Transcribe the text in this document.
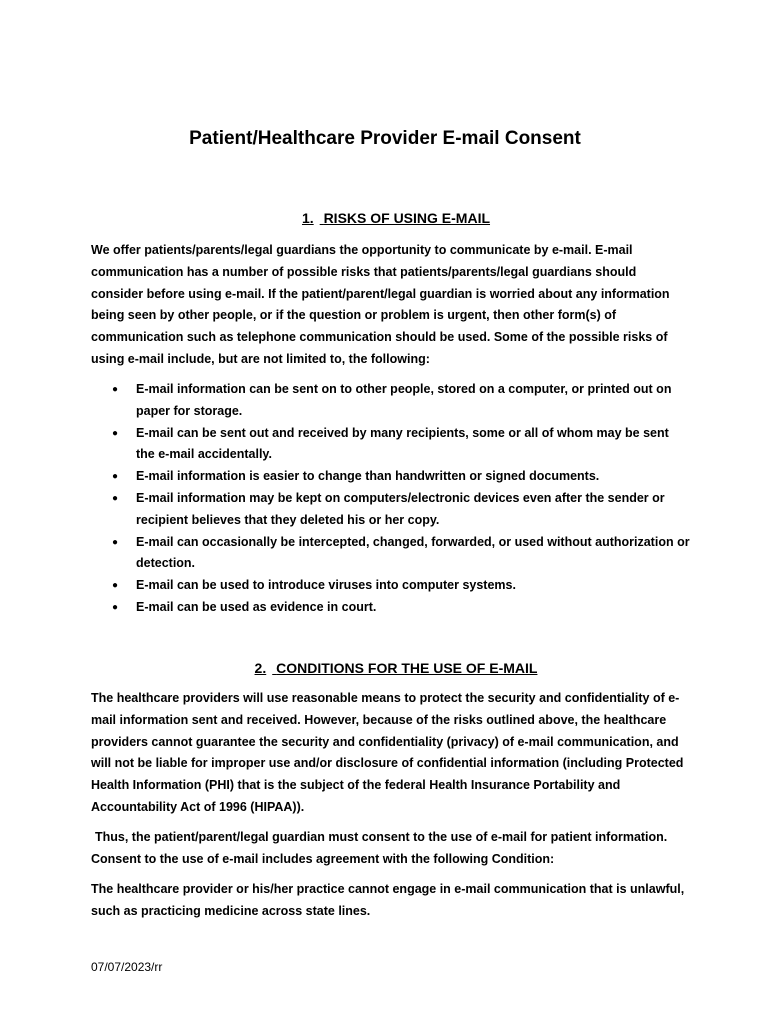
Patient/Healthcare Provider E-mail Consent
1. RISKS OF USING E-MAIL

We offer patients/parents/legal guardians the opportunity to communicate by e-mail. E-mail communication has a number of possible risks that patients/parents/legal guardians should consider before using e-mail. If the patient/parent/legal guardian is worried about any information being seen by other people, or if the question or problem is urgent, then other form(s) of communication such as telephone communication should be used. Some of the possible risks of using e-mail include, but are not limited to, the following:

● E-mail information can be sent on to other people, stored on a computer, or printed out on paper for storage.
● E-mail can be sent out and received by many recipients, some or all of whom may be sent the e-mail accidentally.
● E-mail information is easier to change than handwritten or signed documents.
● E-mail information may be kept on computers/electronic devices even after the sender or recipient believes that they deleted his or her copy.
● E-mail can occasionally be intercepted, changed, forwarded, or used without authorization or detection.
● E-mail can be used to introduce viruses into computer systems.
● E-mail can be used as evidence in court.
2. CONDITIONS FOR THE USE OF E-MAIL

The healthcare providers will use reasonable means to protect the security and confidentiality of e-mail information sent and received. However, because of the risks outlined above, the healthcare providers cannot guarantee the security and confidentiality (privacy) of e-mail communication, and will not be liable for improper use and/or disclosure of confidential information (including Protected Health Information (PHI) that is the subject of the federal Health Insurance Portability and Accountability Act of 1996 (HIPAA)).

Thus, the patient/parent/legal guardian must consent to the use of e-mail for patient information. Consent to the use of e-mail includes agreement with the following Condition:

The healthcare provider or his/her practice cannot engage in e-mail communication that is unlawful, such as practicing medicine across state lines.

07/07/2023/rr
